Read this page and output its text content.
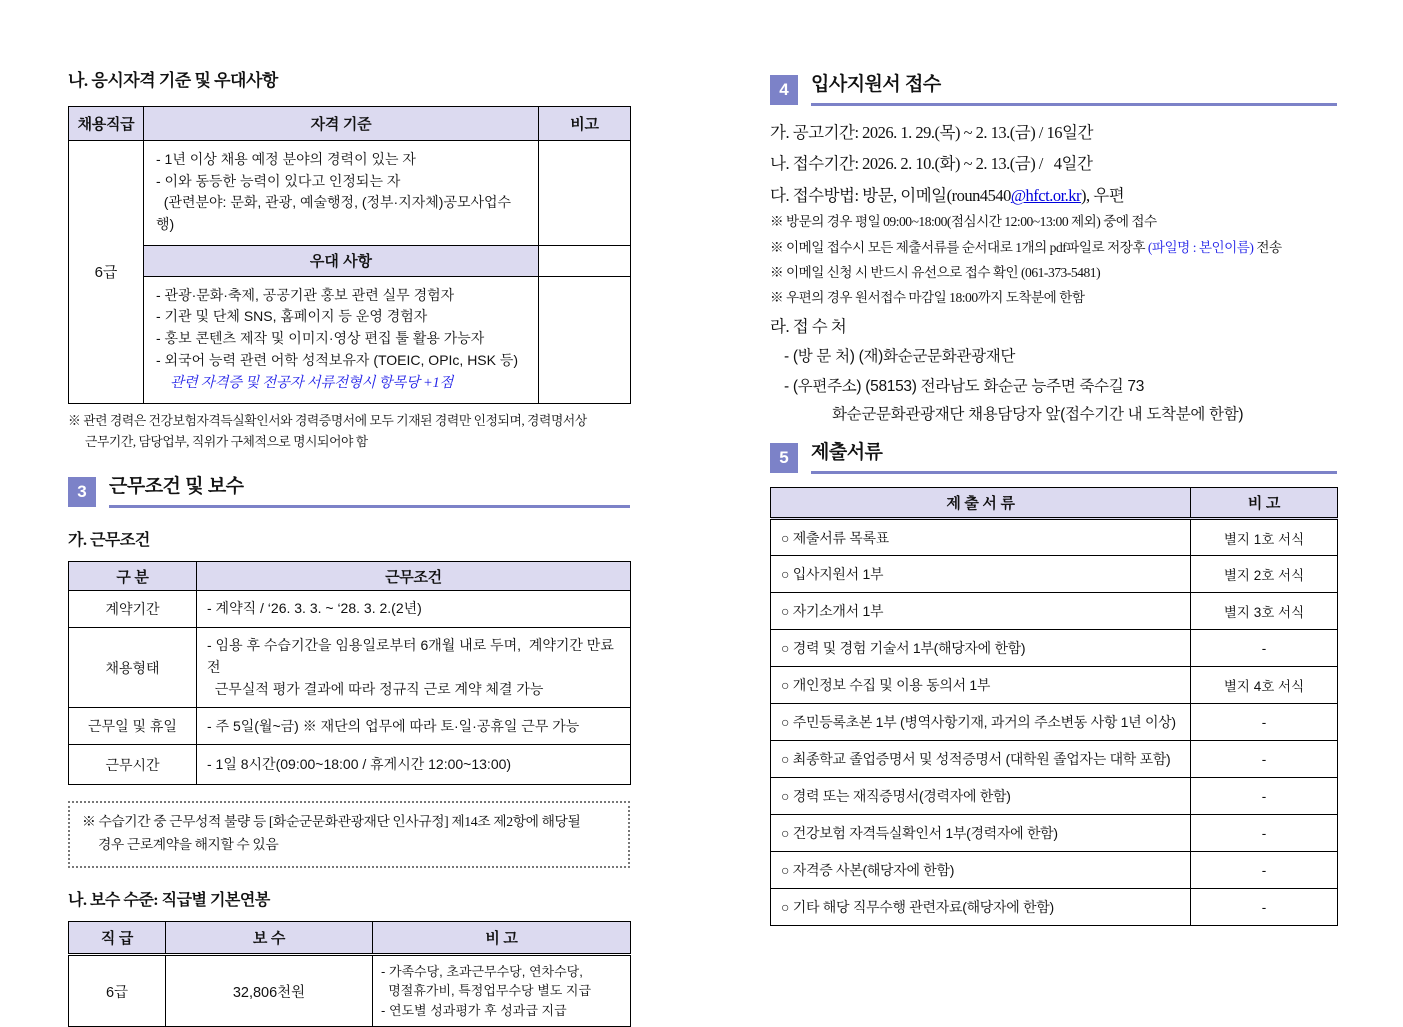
나. 응시자격 기준 및 우대사항
채용직급	자격 기준	비고
6급	- 1년 이상 채용 예정 분야의 경력이 있는 자
- 이와 동등한 능력이 있다고 인정되는 자
(관련분야: 문화, 관광, 예술행정, (정부·지자체)공모사업수행)	

	우대 사항	

	- 관광·문화·축제, 공공기관 홍보 관련 실무 경험자
- 기관 및 단체 SNS, 홈페이지 등 운영 경험자
- 홍보 콘텐츠 제작 및 이미지·영상 편집 툴 활용 가능자
- 외국어 능력 관련 어학 성적보유자 (TOEIC, OPIc, HSK 등)
관련 자격증 및 전공자 서류전형시 항목당 +1점	

※ 관련 경력은 건강보험자격득실확인서와 경력증명서에 모두 기재된 경력만 인정되며, 경력명서상
근무기간, 담당업부, 직위가 구체적으로 명시되어야 함
3	근무조건 및 보수
가. 근무조건
구 분	근무조건
계약기간	- 계약직 / ‘26. 3. 3. ~ ‘28. 3. 2.(2년)

채용형태	- 임용 후 수습기간을 임용일로부터 6개월 내로 두며,  계약기간 만료 전
근무실적 평가 결과에 따라 정규직 근로 계약 체결 가능

근무일 및 휴일	- 주 5일(월~금) ※ 재단의 업무에 따라 토·일·공휴일 근무 가능

근무시간	- 1일 8시간(09:00~18:00 / 휴게시간 12:00~13:00)
※ 수습기간 중 근무성적 불량 등 [화순군문화관광재단 인사규정] 제14조 제2항에 해당될
경우 근로계약을 해지할 수 있음
나. 보수 수준: 직급별 기본연봉
직 급	보 수	비 고
6급	32,806천원	- 가족수당, 초과근무수당, 연차수당,
명절휴가비, 특정업무수당 별도 지급
- 연도별 성과평가 후 성과급 지급
4	입사지원서 접수
가. 공고기간: 2026. 1. 29.(목) ~ 2. 13.(금) / 16일간
나. 접수기간: 2026. 2. 10.(화) ~ 2. 13.(금) /   4일간
다. 접수방법: 방문, 이메일(roun4540@hfct.or.kr), 우편
※ 방문의 경우 평일 09:00~18:00(점심시간 12:00~13:00 제외) 중에 접수
※ 이메일 접수시 모든 제출서류를 순서대로 1개의 pdf파일로 저장후 (파일명 : 본인이름) 전송
※ 이메일 신청 시 반드시 유선으로 접수 확인 (061-373-5481)
※ 우편의 경우 원서접수 마감일 18:00까지 도착분에 한함
라. 접 수 처
- (방 문 처) (재)화순군문화관광재단
- (우편주소) (58153) 전라남도 화순군 능주면 죽수길 73
화순군문화관광재단 채용담당자 앞(접수기간 내 도착분에 한함)
5	제출서류
제 출 서 류	비 고
○ 제출서류 목록표	별지 1호 서식
○ 입사지원서 1부	별지 2호 서식
○ 자기소개서 1부	별지 3호 서식
○ 경력 및 경험 기술서 1부(해당자에 한함)	-
○ 개인정보 수집 및 이용 동의서 1부	별지 4호 서식
○ 주민등록초본 1부 (병역사항기재, 과거의 주소변동 사항 1년 이상)	-
○ 최종학교 졸업증명서 및 성적증명서 (대학원 졸업자는 대학 포함)	-
○ 경력 또는 재직증명서(경력자에 한함)	-
○ 건강보험 자격득실확인서 1부(경력자에 한함)	-
○ 자격증 사본(해당자에 한함)	-
○ 기타 해당 직무수행 관련자료(해당자에 한함)	-
